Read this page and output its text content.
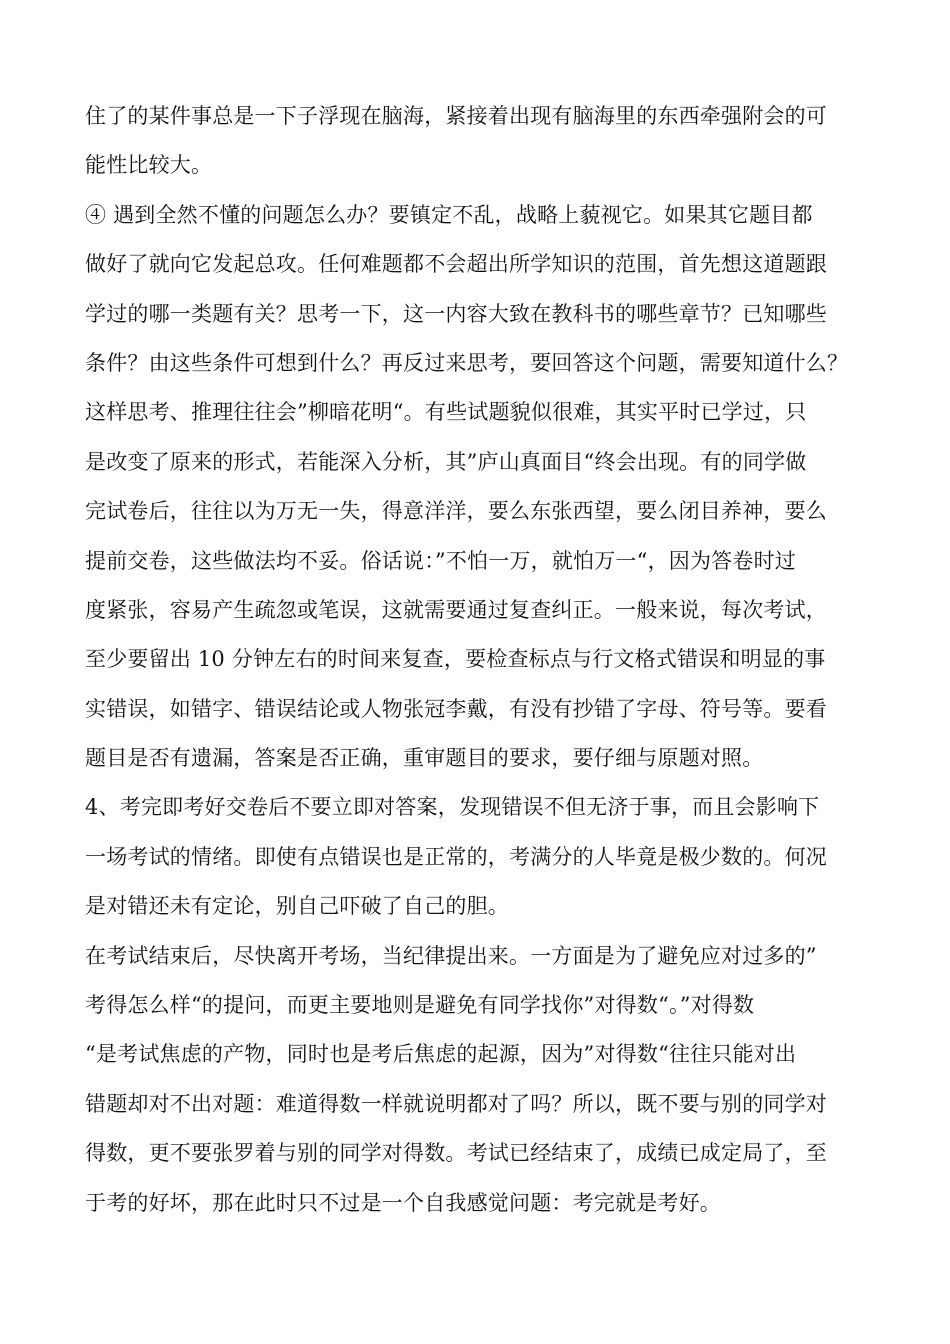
住了的某件事总是一下子浮现在脑海，紧接着出现有脑海里的东西牵强附会的可
能性比较大。
④ 遇到全然不懂的问题怎么办？要镇定不乱，战略上藐视它。如果其它题目都
做好了就向它发起总攻。任何难题都不会超出所学知识的范围，首先想这道题跟
学过的哪一类题有关？思考一下，这一内容大致在教科书的哪些章节？已知哪些
条件？由这些条件可想到什么？再反过来思考，要回答这个问题，需要知道什么？
这样思考、推理往往会”柳暗花明“。有些试题貌似很难，其实平时已学过，只
是改变了原来的形式，若能深入分析，其”庐山真面目“终会出现。有的同学做
完试卷后，往往以为万无一失，得意洋洋，要么东张西望，要么闭目养神，要么
提前交卷，这些做法均不妥。俗话说：”不怕一万，就怕万一“，因为答卷时过
度紧张，容易产生疏忽或笔误，这就需要通过复查纠正。一般来说，每次考试，
至少要留出 10 分钟左右的时间来复查，要检查标点与行文格式错误和明显的事
实错误，如错字、错误结论或人物张冠李戴，有没有抄错了字母、符号等。要看
题目是否有遗漏，答案是否正确，重审题目的要求，要仔细与原题对照。
4、考完即考好交卷后不要立即对答案，发现错误不但无济于事，而且会影响下
一场考试的情绪。即使有点错误也是正常的，考满分的人毕竟是极少数的。何况
是对错还未有定论，别自己吓破了自己的胆。
在考试结束后，尽快离开考场，当纪律提出来。一方面是为了避免应对过多的”
考得怎么样“的提问，而更主要地则是避免有同学找你”对得数“。”对得数
“是考试焦虑的产物，同时也是考后焦虑的起源，因为”对得数“往往只能对出
错题却对不出对题：难道得数一样就说明都对了吗？所以，既不要与别的同学对
得数，更不要张罗着与别的同学对得数。考试已经结束了，成绩已成定局了，至
于考的好坏，那在此时只不过是一个自我感觉问题：考完就是考好。
